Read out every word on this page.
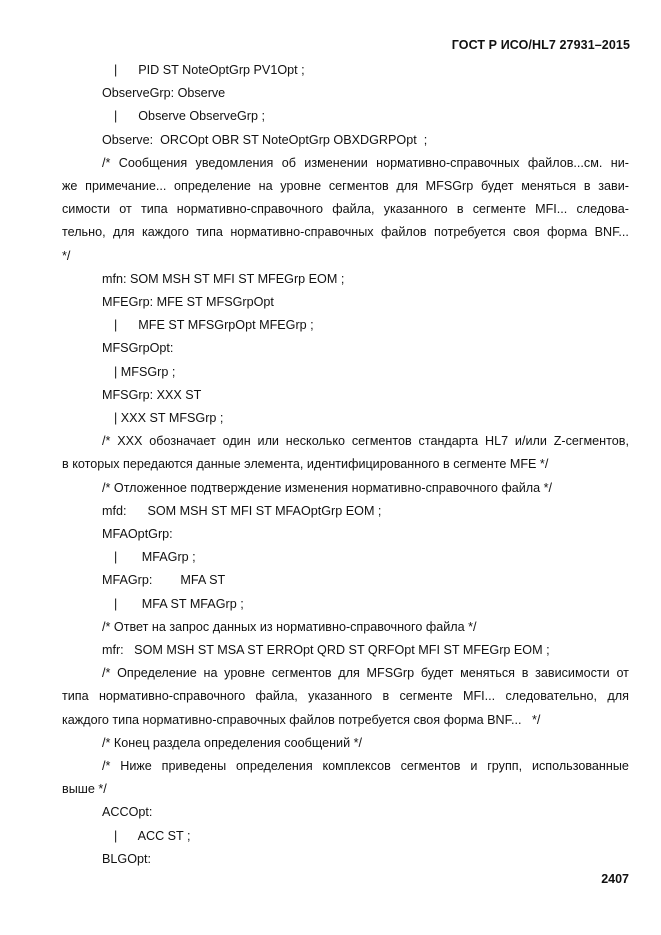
ГОСТ Р ИСО/HL7 27931–2015
|      PID ST NoteOptGrp PV1Opt ;
ObserveGrp: Observe
|      Observe ObserveGrp ;
Observe:  ORCOpt OBR ST NoteOptGrp OBXDGRPOpt  ;
/* Сообщения уведомления об изменении нормативно-справочных файлов...см. ни-
же примечание... определение на уровне сегментов для MFSGrp будет меняться в зави-
симости от типа нормативно-справочного файла, указанного в сегменте MFI... следова-
тельно, для каждого типа нормативно-справочных файлов потребуется своя форма BNF...
*/
mfn: SOM MSH ST MFI ST MFEGrp EOM ;
MFEGrp: MFE ST MFSGrpOpt
|      MFE ST MFSGrpOpt MFEGrp ;
MFSGrpOpt:
| MFSGrp ;
MFSGrp: XXX ST
| XXX ST MFSGrp ;
/* XXX обозначает один или несколько сегментов стандарта HL7 и/или Z-сегментов,
в которых передаются данные элемента, идентифицированного в сегменте MFE */
/* Отложенное подтверждение изменения нормативно-справочного файла */
mfd:      SOM MSH ST MFI ST MFAOptGrp EOM ;
MFAOptGrp:
|       MFAGrp ;
MFAGrp:        MFA ST
|       MFA ST MFAGrp ;
/* Ответ на запрос данных из нормативно-справочного файла */
mfr:   SOM MSH ST MSA ST ERROpt QRD ST QRFOpt MFI ST MFEGrp EOM ;
/* Определение на уровне сегментов для MFSGrp будет меняться в зависимости от
типа нормативно-справочного файла, указанного в сегменте MFI... следовательно, для
каждого типа нормативно-справочных файлов потребуется своя форма BNF...   */
/* Конец раздела определения сообщений */
/* Ниже приведены определения комплексов сегментов и групп, использованные
выше */
ACCOpt:
|      ACC ST ;
BLGOpt:
2407
